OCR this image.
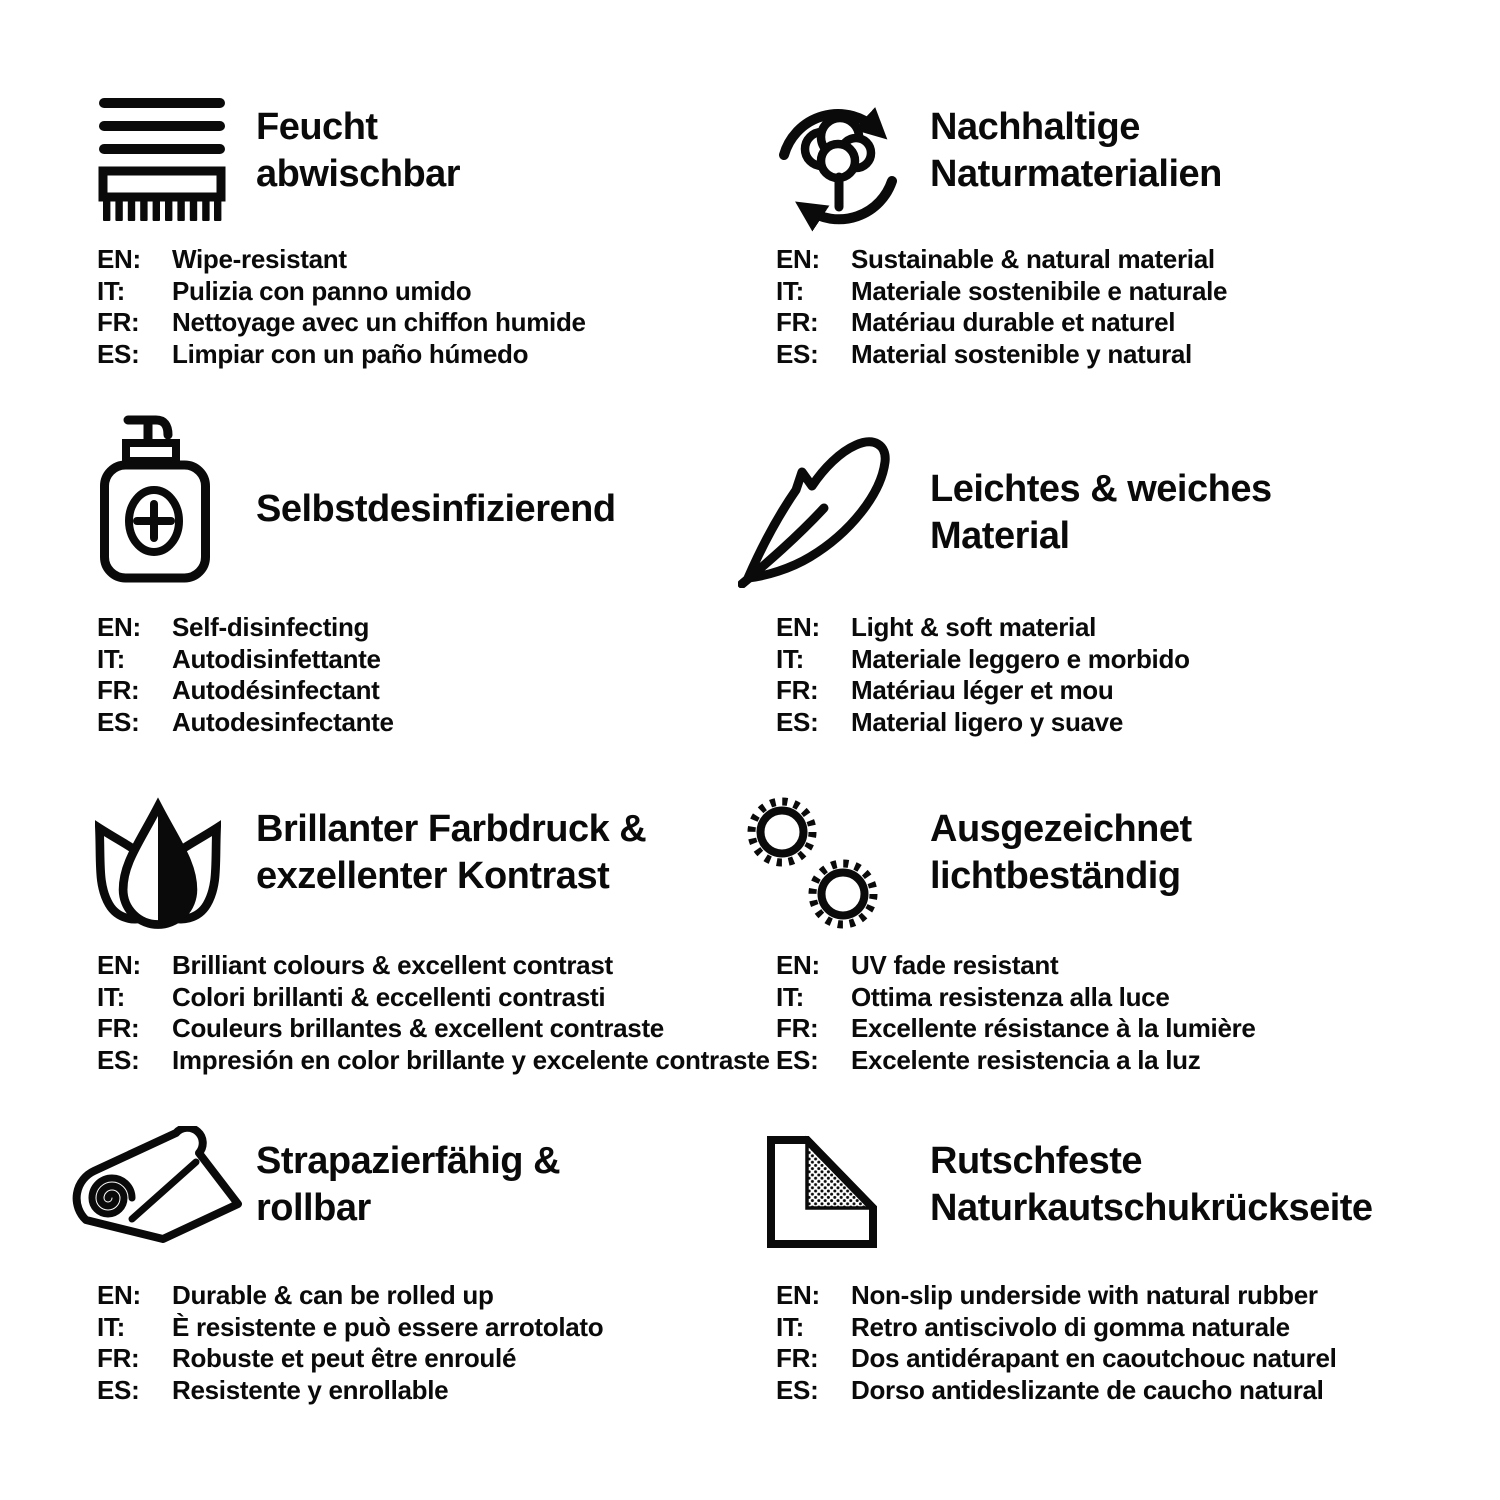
Feucht
abwischbar
EN: Wipe-resistant
IT: Pulizia con panno umido
FR: Nettoyage avec un chiffon humide
ES: Limpiar con un paño húmedo
Nachhaltige
Naturmaterialien
EN: Sustainable & natural material
IT: Materiale sostenibile e naturale
FR: Matériau durable et naturel
ES: Material sostenible y natural
Selbstdesinfizierend
EN: Self-disinfecting
IT: Autodisinfettante
FR: Autodésinfectant
ES: Autodesinfectante
Leichtes & weiches
Material
EN: Light & soft material
IT: Materiale leggero e morbido
FR: Matériau léger et mou
ES: Material ligero y suave
Brillanter Farbdruck &
exzellenter Kontrast
EN: Brilliant colours & excellent contrast
IT: Colori brillanti & eccellenti contrasti
FR: Couleurs brillantes & excellent contraste
ES: Impresión en color brillante y excelente contraste
Ausgezeichnet
lichtbeständig
EN: UV fade resistant
IT: Ottima resistenza alla luce
FR: Excellente résistance à la lumière
ES: Excelente resistencia a la luz
Strapazierfähig &
rollbar
EN: Durable & can be rolled up
IT: È resistente e può essere arrotolato
FR: Robuste et peut être enroulé
ES: Resistente y enrollable
Rutschfeste
Naturkautschukrückseite
EN: Non-slip underside with natural rubber
IT: Retro antiscivolo di gomma naturale
FR: Dos antidérapant en caoutchouc naturel
ES: Dorso antideslizante de caucho natural
